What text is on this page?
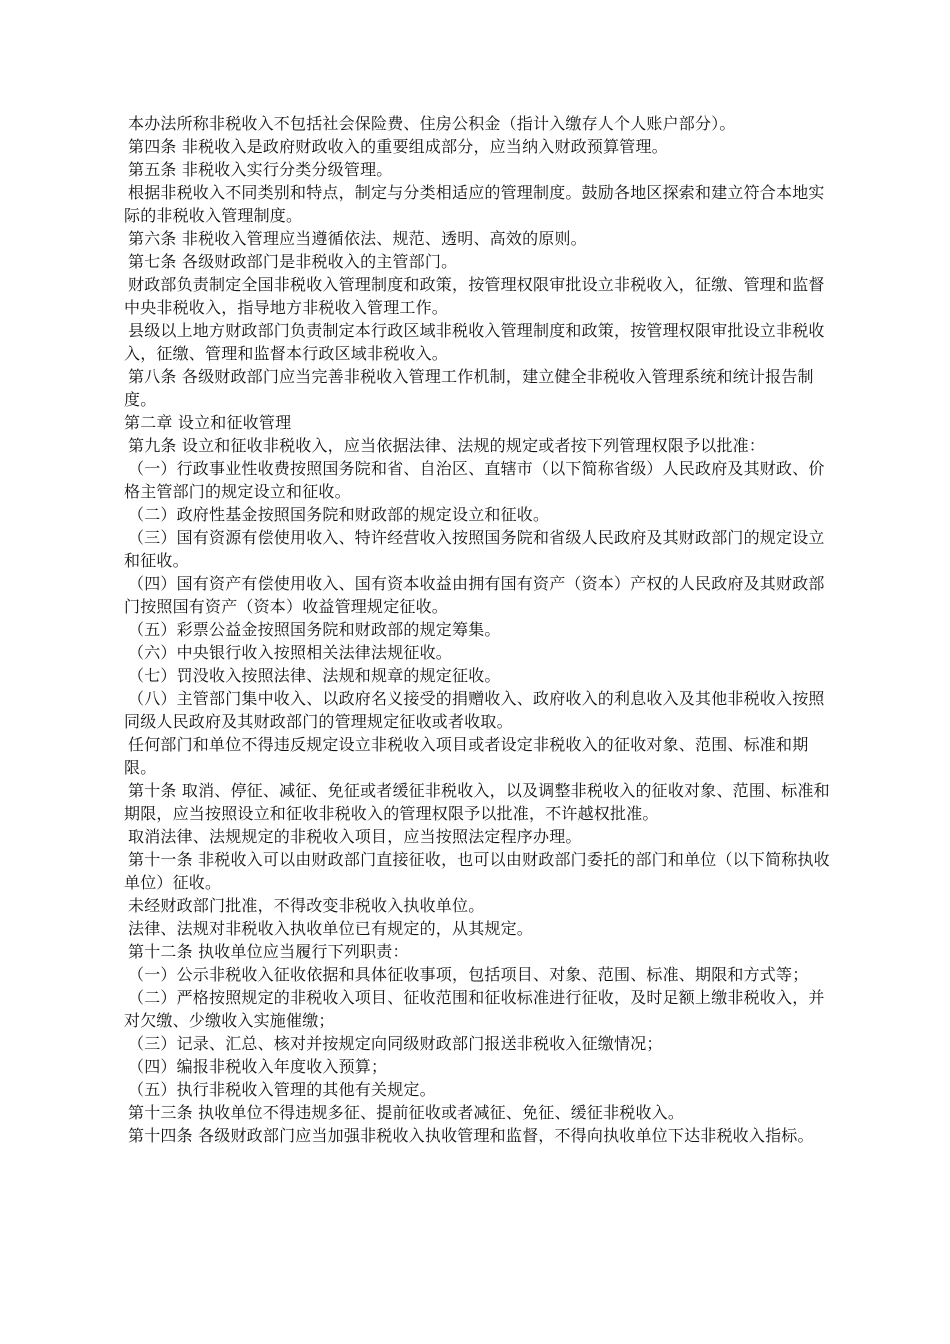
本办法所称非税收入不包括社会保险费、住房公积金（指计入缴存人个人账户部分）。

第四条 非税收入是政府财政收入的重要组成部分，应当纳入财政预算管理。

第五条 非税收入实行分类分级管理。

根据非税收入不同类别和特点，制定与分类相适应的管理制度。鼓励各地区探索和建立符合本地实际的非税收入管理制度。

第六条 非税收入管理应当遵循依法、规范、透明、高效的原则。

第七条 各级财政部门是非税收入的主管部门。

财政部负责制定全国非税收入管理制度和政策，按管理权限审批设立非税收入，征缴、管理和监督中央非税收入，指导地方非税收入管理工作。

县级以上地方财政部门负责制定本行政区域非税收入管理制度和政策，按管理权限审批设立非税收入，征缴、管理和监督本行政区域非税收入。

第八条 各级财政部门应当完善非税收入管理工作机制，建立健全非税收入管理系统和统计报告制度。

第二章 设立和征收管理

第九条 设立和征收非税收入，应当依据法律、法规的规定或者按下列管理权限予以批准：

（一）行政事业性收费按照国务院和省、自治区、直辖市（以下简称省级）人民政府及其财政、价格主管部门的规定设立和征收。

（二）政府性基金按照国务院和财政部的规定设立和征收。

（三）国有资源有偿使用收入、特许经营收入按照国务院和省级人民政府及其财政部门的规定设立和征收。

（四）国有资产有偿使用收入、国有资本收益由拥有国有资产（资本）产权的人民政府及其财政部门按照国有资产（资本）收益管理规定征收。

（五）彩票公益金按照国务院和财政部的规定筹集。

（六）中央银行收入按照相关法律法规征收。

（七）罚没收入按照法律、法规和规章的规定征收。

（八）主管部门集中收入、以政府名义接受的捐赠收入、政府收入的利息收入及其他非税收入按照同级人民政府及其财政部门的管理规定征收或者收取。

任何部门和单位不得违反规定设立非税收入项目或者设定非税收入的征收对象、范围、标准和期限。

第十条 取消、停征、减征、免征或者缓征非税收入，以及调整非税收入的征收对象、范围、标准和期限，应当按照设立和征收非税收入的管理权限予以批准，不许越权批准。

取消法律、法规规定的非税收入项目，应当按照法定程序办理。

第十一条 非税收入可以由财政部门直接征收，也可以由财政部门委托的部门和单位（以下简称执收单位）征收。

未经财政部门批准，不得改变非税收入执收单位。

法律、法规对非税收入执收单位已有规定的，从其规定。

第十二条 执收单位应当履行下列职责：

（一）公示非税收入征收依据和具体征收事项，包括项目、对象、范围、标准、期限和方式等；

（二）严格按照规定的非税收入项目、征收范围和征收标准进行征收，及时足额上缴非税收入，并对欠缴、少缴收入实施催缴；

（三）记录、汇总、核对并按规定向同级财政部门报送非税收入征缴情况；

（四）编报非税收入年度收入预算；

（五）执行非税收入管理的其他有关规定。

第十三条 执收单位不得违规多征、提前征收或者减征、免征、缓征非税收入。

第十四条 各级财政部门应当加强非税收入执收管理和监督，不得向执收单位下达非税收入指标。
